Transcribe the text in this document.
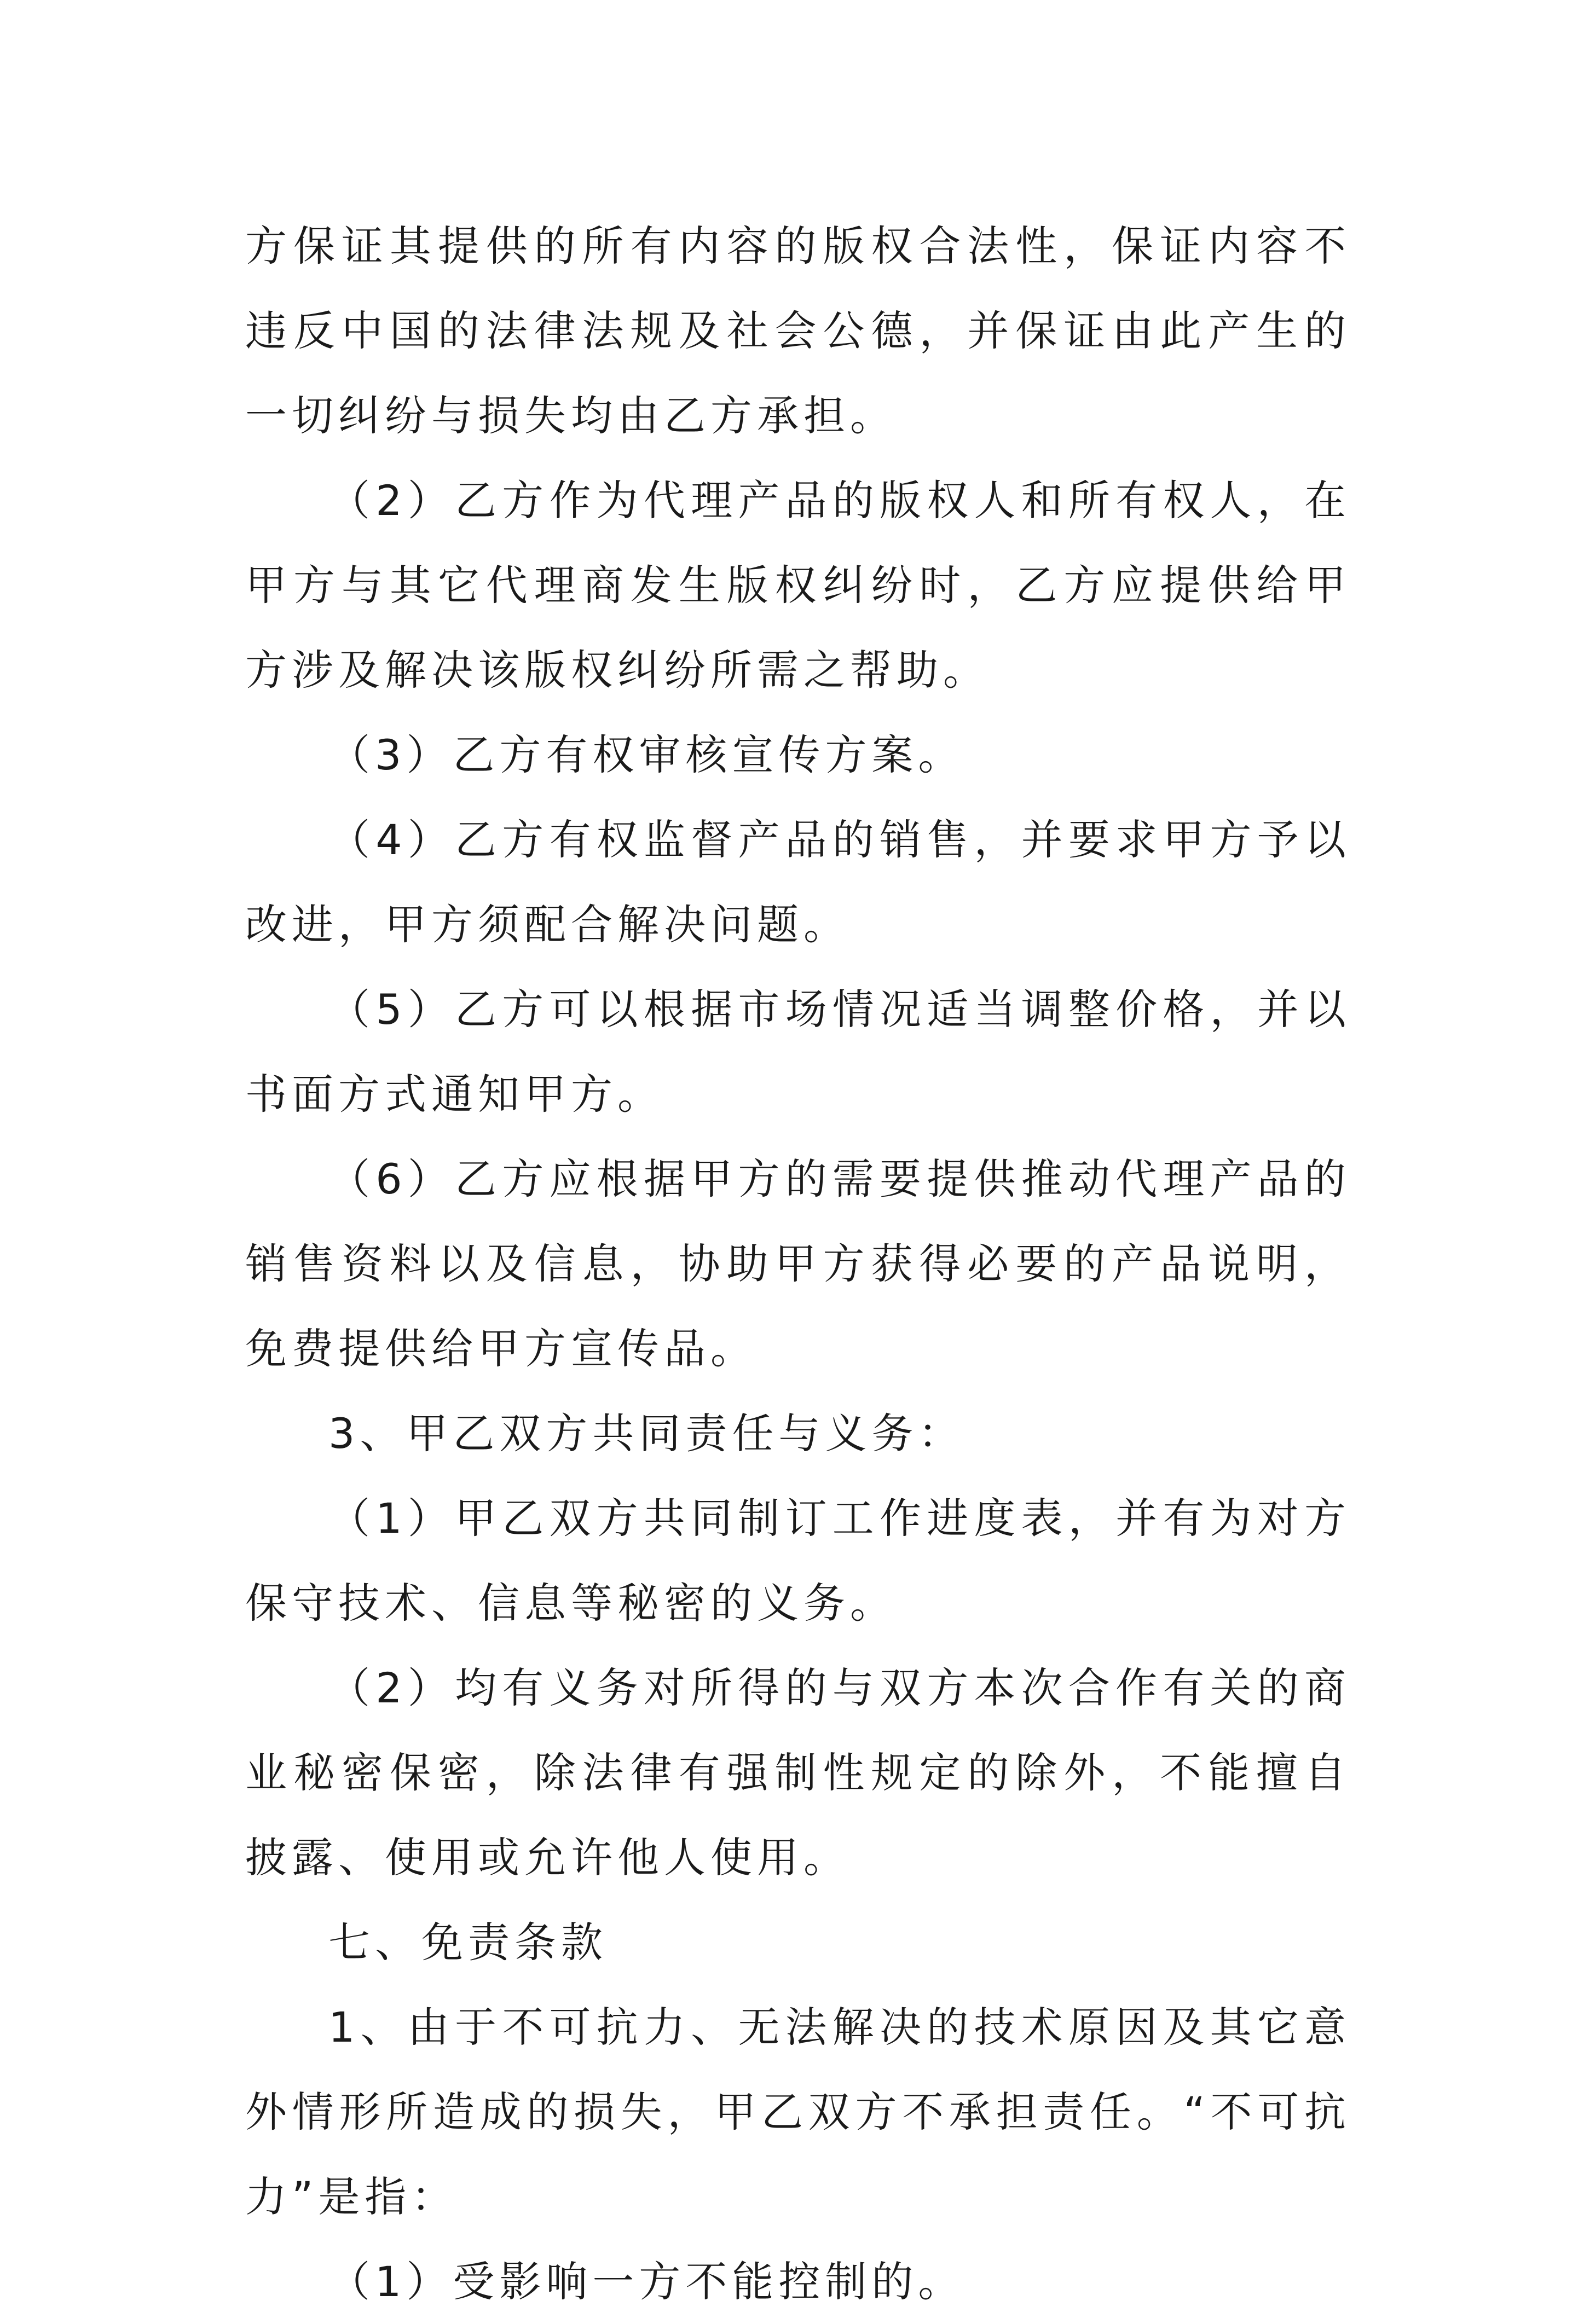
方保证其提供的所有内容的版权合法性，保证内容不违反中国的法律法规及社会公德，并保证由此产生的一切纠纷与损失均由乙方承担。

（2）乙方作为代理产品的版权人和所有权人，在甲方与其它代理商发生版权纠纷时，乙方应提供给甲方涉及解决该版权纠纷所需之帮助。

（3）乙方有权审核宣传方案。

（4）乙方有权监督产品的销售，并要求甲方予以改进，甲方须配合解决问题。

（5）乙方可以根据市场情况适当调整价格，并以书面方式通知甲方。

（6）乙方应根据甲方的需要提供推动代理产品的销售资料以及信息，协助甲方获得必要的产品说明，免费提供给甲方宣传品。

3、甲乙双方共同责任与义务：

（1）甲乙双方共同制订工作进度表，并有为对方保守技术、信息等秘密的义务。

（2）均有义务对所得的与双方本次合作有关的商业秘密保密，除法律有强制性规定的除外，不能擅自披露、使用或允许他人使用。

七、免责条款

1、由于不可抗力、无法解决的技术原因及其它意外情形所造成的损失，甲乙双方不承担责任。“不可抗力”是指：

（1）受影响一方不能控制的。
